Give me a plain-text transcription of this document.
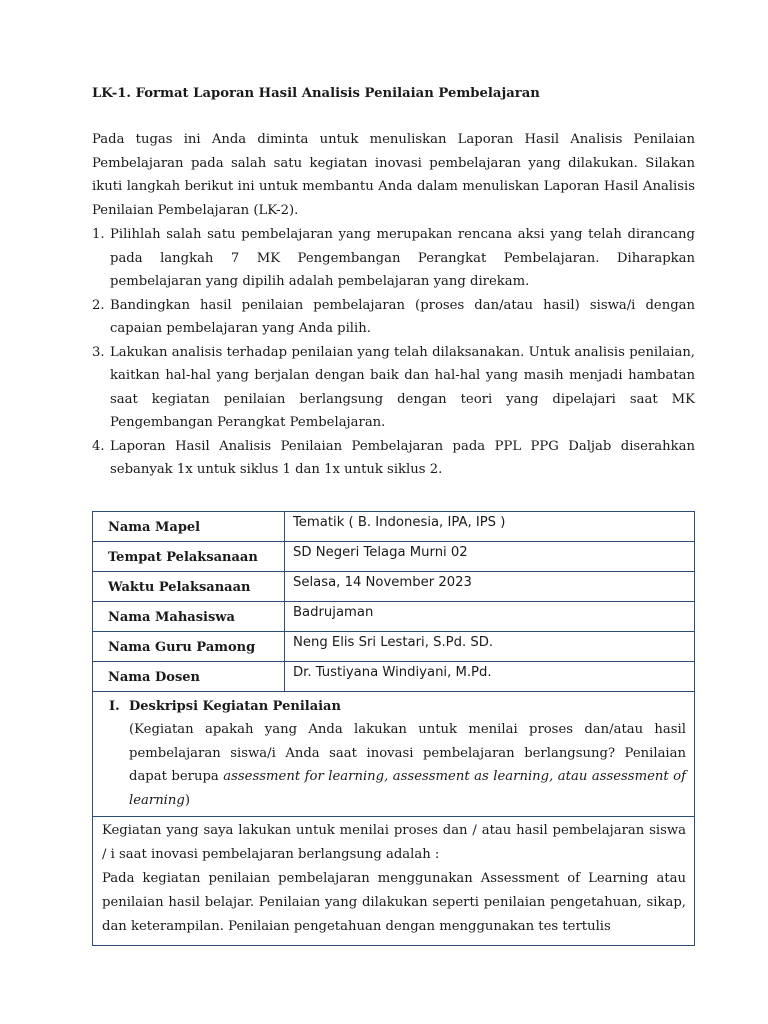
LK-1. Format Laporan Hasil Analisis Penilaian Pembelajaran

Pada tugas ini Anda diminta untuk menuliskan Laporan Hasil Analisis Penilaian Pembelajaran pada salah satu kegiatan inovasi pembelajaran yang dilakukan. Silakan ikuti langkah berikut ini untuk membantu Anda dalam menuliskan Laporan Hasil Analisis Penilaian Pembelajaran (LK-2).

1. Pilihlah salah satu pembelajaran yang merupakan rencana aksi yang telah dirancang pada langkah 7 MK Pengembangan Perangkat Pembelajaran. Diharapkan pembelajaran yang dipilih adalah pembelajaran yang direkam.
2. Bandingkan hasil penilaian pembelajaran (proses dan/atau hasil) siswa/i dengan capaian pembelajaran yang Anda pilih.
3. Lakukan analisis terhadap penilaian yang telah dilaksanakan. Untuk analisis penilaian, kaitkan hal-hal yang berjalan dengan baik dan hal-hal yang masih menjadi hambatan saat kegiatan penilaian berlangsung dengan teori yang dipelajari saat MK Pengembangan Perangkat Pembelajaran.
4. Laporan Hasil Analisis Penilaian Pembelajaran pada PPL PPG Daljab diserahkan sebanyak 1x untuk siklus 1 dan 1x untuk siklus 2.
Nama Mapel	Tematik ( B. Indonesia, IPA, IPS )
Tempat Pelaksanaan	SD Negeri Telaga Murni 02
Waktu Pelaksanaan	Selasa, 14 November 2023
Nama Mahasiswa	Badrujaman
Nama Guru Pamong	Neng Elis Sri Lestari, S.Pd. SD.
Nama Dosen	Dr. Tustiyana Windiyani, M.Pd.

I. Deskripsi Kegiatan Penilaian
(Kegiatan apakah yang Anda lakukan untuk menilai proses dan/atau hasil pembelajaran siswa/i Anda saat inovasi pembelajaran berlangsung? Penilaian dapat berupa assessment for learning, assessment as learning, atau assessment of learning)	

Kegiatan yang saya lakukan untuk menilai proses dan / atau hasil pembelajaran siswa / i saat inovasi pembelajaran berlangsung adalah :

Pada kegiatan penilaian pembelajaran menggunakan Assessment of Learning atau penilaian hasil belajar. Penilaian yang dilakukan seperti penilaian pengetahuan, sikap, dan keterampilan. Penilaian pengetahuan dengan menggunakan tes tertulis	
